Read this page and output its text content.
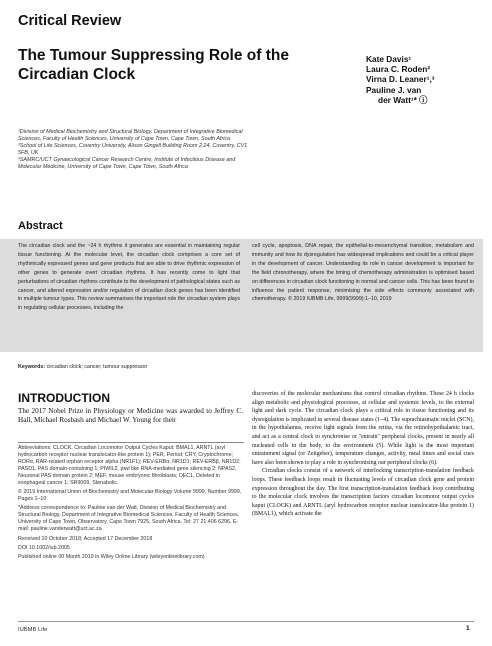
Critical Review
The Tumour Suppressing Role of the Circadian Clock
Kate Davis¹
Laura C. Roden²
Virna D. Leaner¹,³
Pauline J. van
der Watt¹* ⓘ

¹Division of Medical Biochemistry and Structural Biology, Department of Integrative Biomedical Sciences, Faculty of Health Sciences, University of Cape Town, Cape Town, South Africa

²School of Life Sciences, Coventry University, Alison Gingell Building Room 2.24, Coventry, CV1 5FB, UK

³SAMRC/UCT Gynaecological Cancer Research Centre, Institute of Infectious Disease and Molecular Medicine, University of Cape Town, Cape Town, South Africa

Abstract
The circadian clock and the ~24 h rhythms it generates are essential in maintaining regular tissue functioning. At the molecular level, the circadian clock comprises a core set of rhythmically expressed genes and gene products that are able to drive rhythmic expression of other genes to generate overt circadian rhythms. It has recently come to light that perturbations of circadian rhythms contribute to the development of pathological states such as cancer, and altered expression and/or regulation of circadian clock genes has been identified in multiple tumour types. This review summarises the important role the circadian system plays in regulating cellular processes, including the
cell cycle, apoptosis, DNA repair, the epithelial-to-mesenchymal transition, metabolism and immunity and how its dysregulation has widespread implications and could be a critical player in the development of cancer. Understanding its role in cancer development is important for the field chronotherapy, where the timing of chemotherapy administration is optimised based on differences in circadian clock functioning in normal and cancer cells. This has been found to influence the patient response, minimising the side effects commonly associated with chemotherapy. © 2019 IUBMB Life, 9999(9999):1–10, 2019
Keywords: circadian clock; cancer; tumour suppressor
INTRODUCTION
The 2017 Nobel Prize in Physiology or Medicine was awarded to Jeffrey C. Hall, Michael Rosbash and Michael W. Young for their

Abbreviations: CLOCK, Circadian Locomotor Output Cycles Kaput; BMAL1, ARNTL (aryl hydrocarbon receptor nuclear translocator-like protein 1); PER, Period; CRY, Cryptochrome; RORα, RAR-related orphan receptor alpha (NR1F1); REV-ERBα, NR1D1; REV-ERBβ, NR1D2; PASD1, PAS domain-containing 1; PIWIL2, piwi like RNA-mediated gene silencing 2; NPAS2, Neuronal PAS domain protein 2; MEF, mouse embryonic fibroblasts; DEC1, Deleted in esophageal cancer 1; SR9009, Stenabolic.

© 2019 International Union of Biochemistry and Molecular Biology Volume 9999, Number 9999, Pages 1–10

*Address correspondence to: Pauline van der Watt, Division of Medical Biochemistry and Structural Biology, Department of Integrative Biomedical Sciences, Faculty of Health Sciences, University of Cape Town, Observatory, Cape Town 7925, South Africa. Tel: 27 21 406 6296. E-mail: pauline.vanderwatt@uct.ac.za

Received 10 October 2018; Accepted 17 December 2018

DOI 10.1002/iub.2005

Published online 00 Month 2019 in Wiley Online Library (wileyonlinelibrary.com)

discoveries of the molecular mechanisms that control circadian rhythms. These 24 h clocks align metabolic and physiological processes, at cellular and systemic levels, to the external light and dark cycle. The circadian clock plays a critical role in tissue functioning and its dysregulation is implicated in several disease states (1–4). The suprachiasmatic nuclei (SCN), in the hypothalamus, receive light signals from the retina, via the retinohypothalamic tract, and act as a central clock to synchronise or "entrain" peripheral clocks, present in nearly all nucleated cells in the body, to the environment (5). While light is the most important entrainment signal (or Zeitgeber), temperature changes, activity, meal times and social cues have also been shown to play a role in synchronising our peripheral clocks (6).

Circadian clocks consist of a network of interlocking transcription-translation feedback loops. These feedback loops result in fluctuating levels of circadian clock gene and protein expression throughout the day. The first transcription-translation feedback loop contributing to the molecular clock involves the transcription factors circadian locomotor output cycles kaput (CLOCK) and ARNTL (aryl hydrocarbon receptor nuclear translocator-like protein 1) (BMAL1), which activate the

IUBMB Life	1
